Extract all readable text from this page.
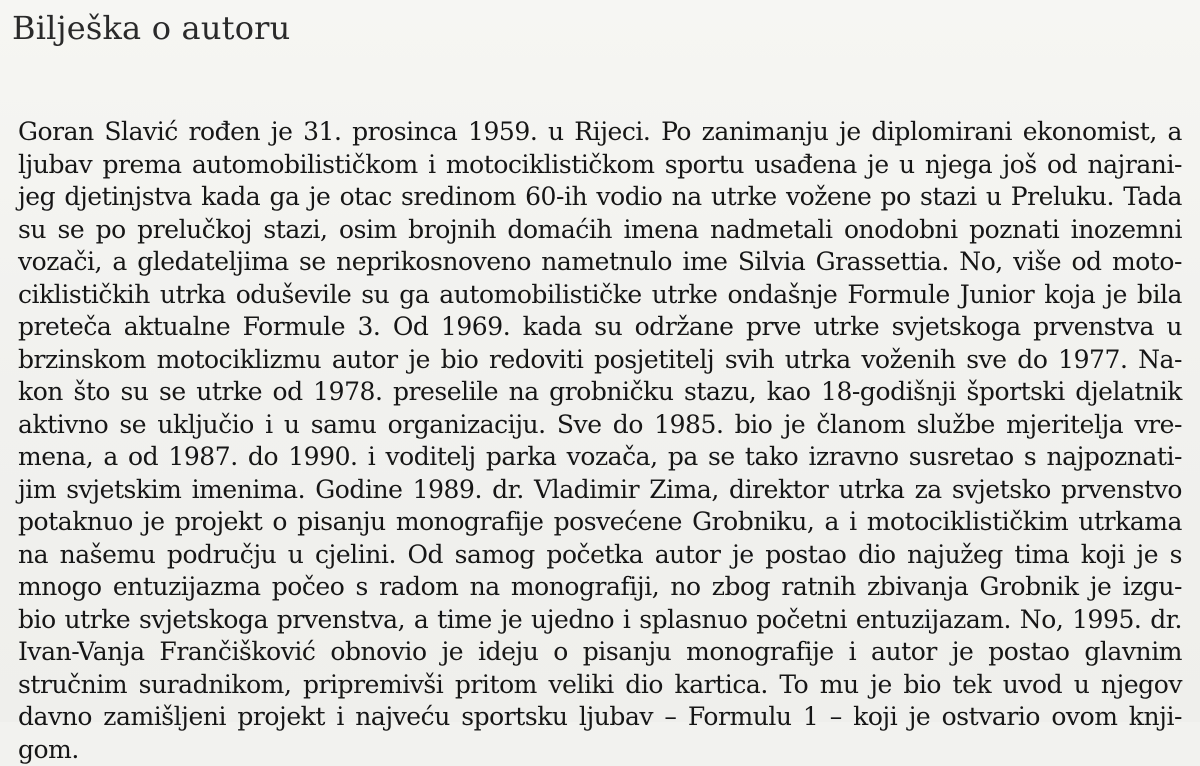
Bilješka o autoru
Goran Slavić rođen je 31. prosinca 1959. u Rijeci. Po zanimanju je diplomirani ekonomist, a
ljubav prema automobilističkom i motociklističkom sportu usađena je u njega još od najrani-
jeg djetinjstva kada ga je otac sredinom 60-ih vodio na utrke vožene po stazi u Preluku. Tada
su se po prelučkoj stazi, osim brojnih domaćih imena nadmetali onodobni poznati inozemni
vozači, a gledateljima se neprikosnoveno nametnulo ime Silvia Grassettia. No, više od moto-
ciklističkih utrka oduševile su ga automobilističke utrke ondašnje Formule Junior koja je bila
preteča aktualne Formule 3. Od 1969. kada su održane prve utrke svjetskoga prvenstva u
brzinskom motociklizmu autor je bio redoviti posjetitelj svih utrka voženih sve do 1977. Na-
kon što su se utrke od 1978. preselile na grobničku stazu, kao 18-godišnji športski djelatnik
aktivno se uključio i u samu organizaciju. Sve do 1985. bio je članom službe mjeritelja vre-
mena, a od 1987. do 1990. i voditelj parka vozača, pa se tako izravno susretao s najpoznati-
jim svjetskim imenima. Godine 1989. dr. Vladimir Zima, direktor utrka za svjetsko prvenstvo
potaknuo je projekt o pisanju monografije posvećene Grobniku, a i motociklističkim utrkama
na našemu području u cjelini. Od samog početka autor je postao dio najužeg tima koji je s
mnogo entuzijazma počeo s radom na monografiji, no zbog ratnih zbivanja Grobnik je izgu-
bio utrke svjetskoga prvenstva, a time je ujedno i splasnuo početni entuzijazam. No, 1995. dr.
Ivan-Vanja Frančišković obnovio je ideju o pisanju monografije i autor je postao glavnim
stručnim suradnikom, pripremivši pritom veliki dio kartica. To mu je bio tek uvod u njegov
davno zamišljeni projekt i najveću sportsku ljubav – Formulu 1 – koji je ostvario ovom knji-
gom.
